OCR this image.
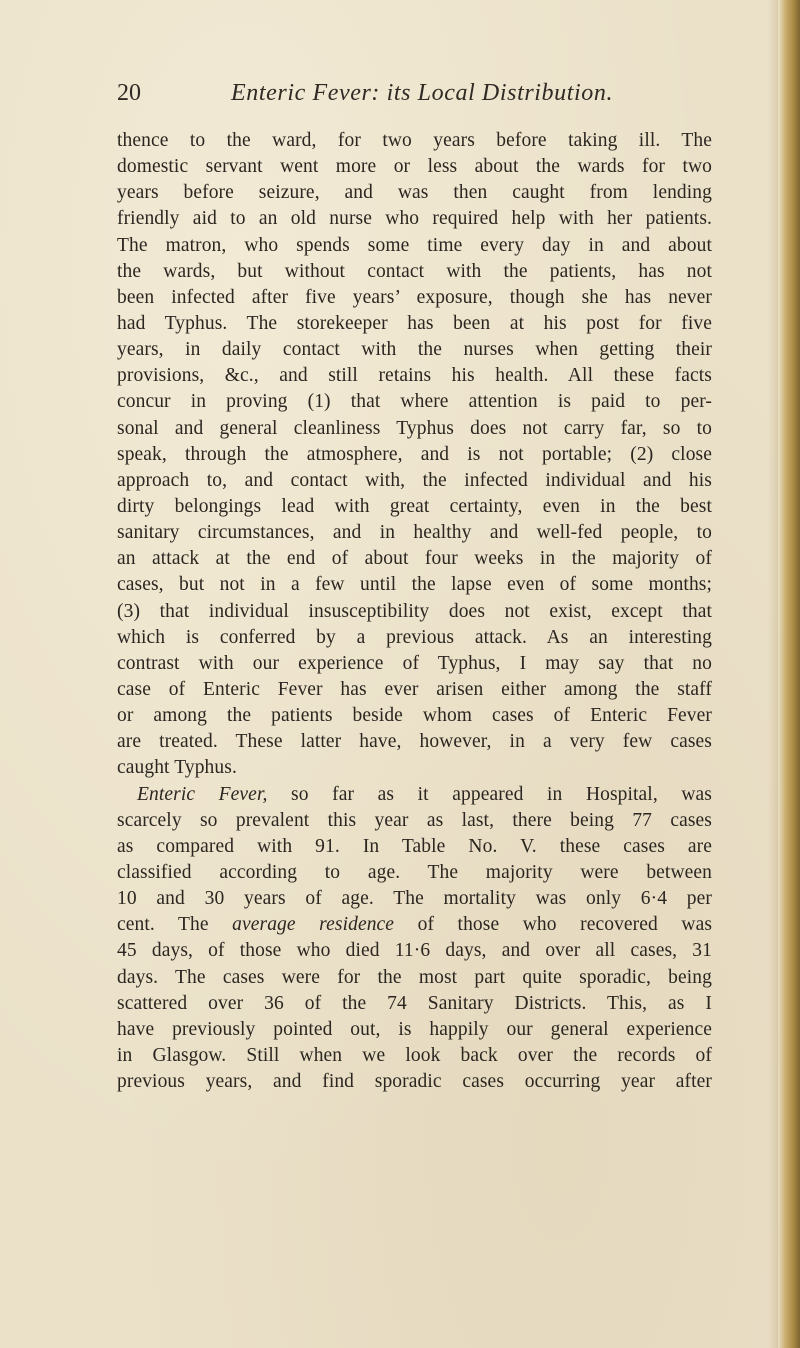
20	Enteric Fever: its Local Distribution.
thence to the ward, for two years before taking ill. The
domestic servant went more or less about the wards for two
years before seizure, and was then caught from lending
friendly aid to an old nurse who required help with her patients.
The matron, who spends some time every day in and about
the wards, but without contact with the patients, has not
been infected after five years’ exposure, though she has never
had Typhus. The storekeeper has been at his post for five
years, in daily contact with the nurses when getting their
provisions, &c., and still retains his health. All these facts
concur in proving (1) that where attention is paid to per-
sonal and general cleanliness Typhus does not carry far, so to
speak, through the atmosphere, and is not portable; (2) close
approach to, and contact with, the infected individual and his
dirty belongings lead with great certainty, even in the best
sanitary circumstances, and in healthy and well-fed people, to
an attack at the end of about four weeks in the majority of
cases, but not in a few until the lapse even of some months;
(3) that individual insusceptibility does not exist, except that
which is conferred by a previous attack. As an interesting
contrast with our experience of Typhus, I may say that no
case of Enteric Fever has ever arisen either among the staff
or among the patients beside whom cases of Enteric Fever
are treated. These latter have, however, in a very few cases
caught Typhus.
Enteric Fever, so far as it appeared in Hospital, was
scarcely so prevalent this year as last, there being 77 cases
as compared with 91. In Table No. V. these cases are
classified according to age. The majority were between
10 and 30 years of age. The mortality was only 6·4 per
cent. The average residence of those who recovered was
45 days, of those who died 11·6 days, and over all cases, 31
days. The cases were for the most part quite sporadic, being
scattered over 36 of the 74 Sanitary Districts. This, as I
have previously pointed out, is happily our general experience
in Glasgow. Still when we look back over the records of
previous years, and find sporadic cases occurring year after
